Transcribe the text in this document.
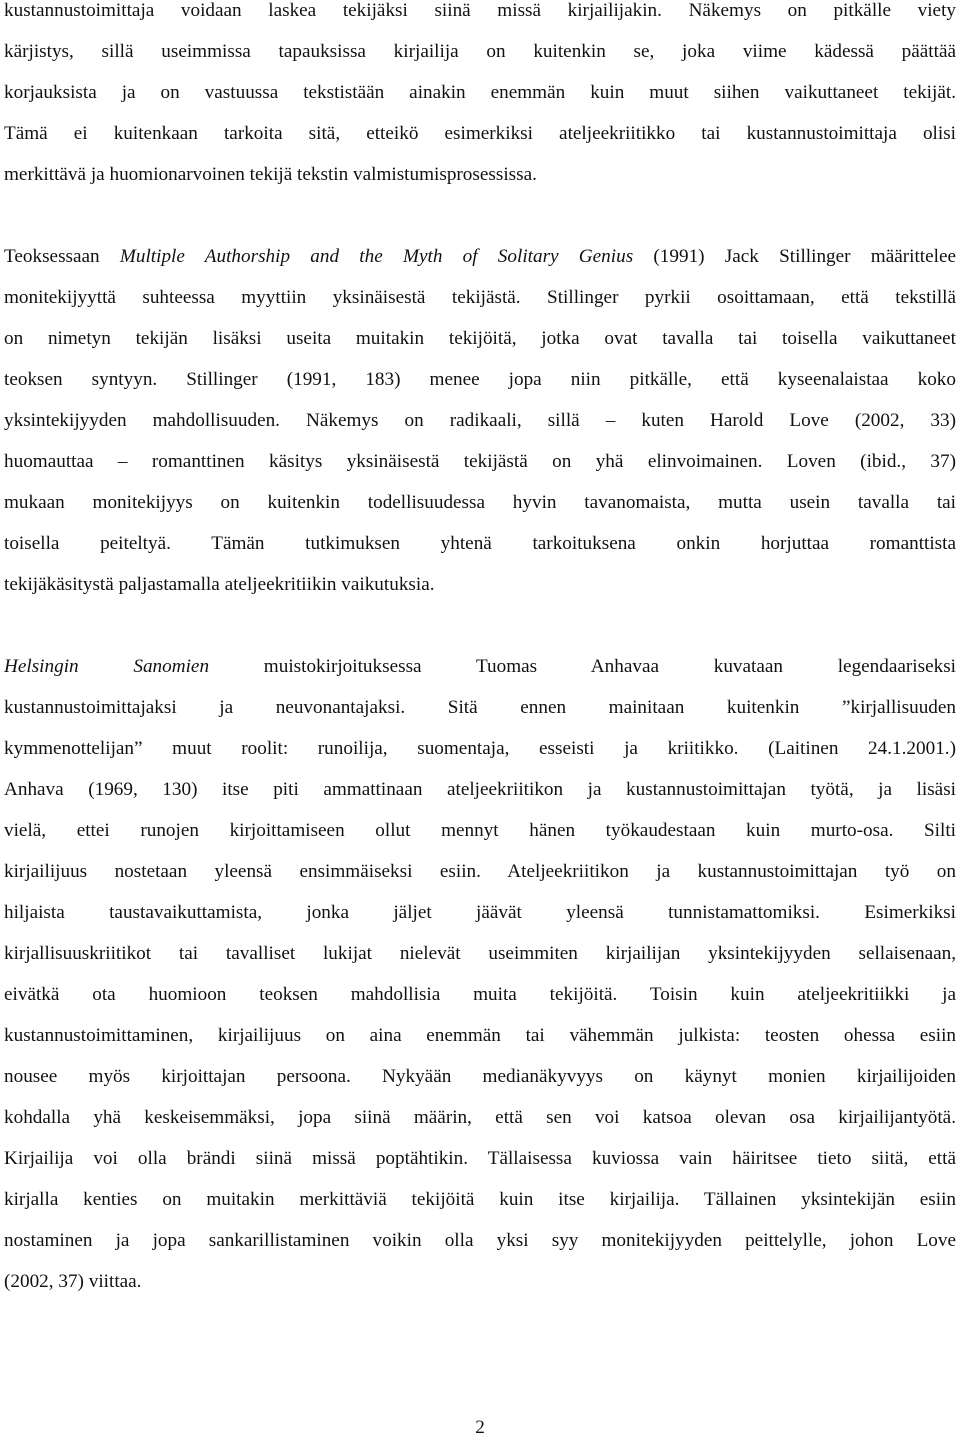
kustannustoimittaja voidaan laskea tekijäksi siinä missä kirjailijakin. Näkemys on pitkälle viety
kärjistys, sillä useimmissa tapauksissa kirjailija on kuitenkin se, joka viime kädessä päättää
korjauksista ja on vastuussa tekstistään ainakin enemmän kuin muut siihen vaikuttaneet tekijät.
Tämä ei kuitenkaan tarkoita sitä, etteikö esimerkiksi ateljeekriitikko tai kustannustoimittaja olisi
merkittävä ja huomionarvoinen tekijä tekstin valmistumisprosessissa.
Teoksessaan Multiple Authorship and the Myth of Solitary Genius (1991) Jack Stillinger määrittelee
monitekijyyttä suhteessa myyttiin yksinäisestä tekijästä. Stillinger pyrkii osoittamaan, että tekstillä
on nimetyn tekijän lisäksi useita muitakin tekijöitä, jotka ovat tavalla tai toisella vaikuttaneet
teoksen syntyyn. Stillinger (1991, 183) menee jopa niin pitkälle, että kyseenalaistaa koko
yksintekijyyden mahdollisuuden. Näkemys on radikaali, sillä – kuten Harold Love (2002, 33)
huomauttaa – romanttinen käsitys yksinäisestä tekijästä on yhä elinvoimainen. Loven (ibid., 37)
mukaan monitekijyys on kuitenkin todellisuudessa hyvin tavanomaista, mutta usein tavalla tai
toisella peiteltyä. Tämän tutkimuksen yhtenä tarkoituksena onkin horjuttaa romanttista
tekijäkäsitystä paljastamalla ateljeekritiikin vaikutuksia.
Helsingin Sanomien muistokirjoituksessa Tuomas Anhavaa kuvataan legendaariseksi
kustannustoimittajaksi ja neuvonantajaksi. Sitä ennen mainitaan kuitenkin ”kirjallisuuden
kymmenottelijan” muut roolit: runoilija, suomentaja, esseisti ja kriitikko. (Laitinen 24.1.2001.)
Anhava (1969, 130) itse piti ammattinaan ateljeekriitikon ja kustannustoimittajan työtä, ja lisäsi
vielä, ettei runojen kirjoittamiseen ollut mennyt hänen työkaudestaan kuin murto-osa. Silti
kirjailijuus nostetaan yleensä ensimmäiseksi esiin. Ateljeekriitikon ja kustannustoimittajan työ on
hiljaista taustavaikuttamista, jonka jäljet jäävät yleensä tunnistamattomiksi. Esimerkiksi
kirjallisuuskriitikot tai tavalliset lukijat nielevät useimmiten kirjailijan yksintekijyyden sellaisenaan,
eivätkä ota huomioon teoksen mahdollisia muita tekijöitä. Toisin kuin ateljeekritiikki ja
kustannustoimittaminen, kirjailijuus on aina enemmän tai vähemmän julkista: teosten ohessa esiin
nousee myös kirjoittajan persoona. Nykyään medianäkyvyys on käynyt monien kirjailijoiden
kohdalla yhä keskeisemmäksi, jopa siinä määrin, että sen voi katsoa olevan osa kirjailijantyötä.
Kirjailija voi olla brändi siinä missä poptähtikin. Tällaisessa kuviossa vain häiritsee tieto siitä, että
kirjalla kenties on muitakin merkittäviä tekijöitä kuin itse kirjailija. Tällainen yksintekijän esiin
nostaminen ja jopa sankarillistaminen voikin olla yksi syy monitekijyyden peittelylle, johon Love
(2002, 37) viittaa.
2
